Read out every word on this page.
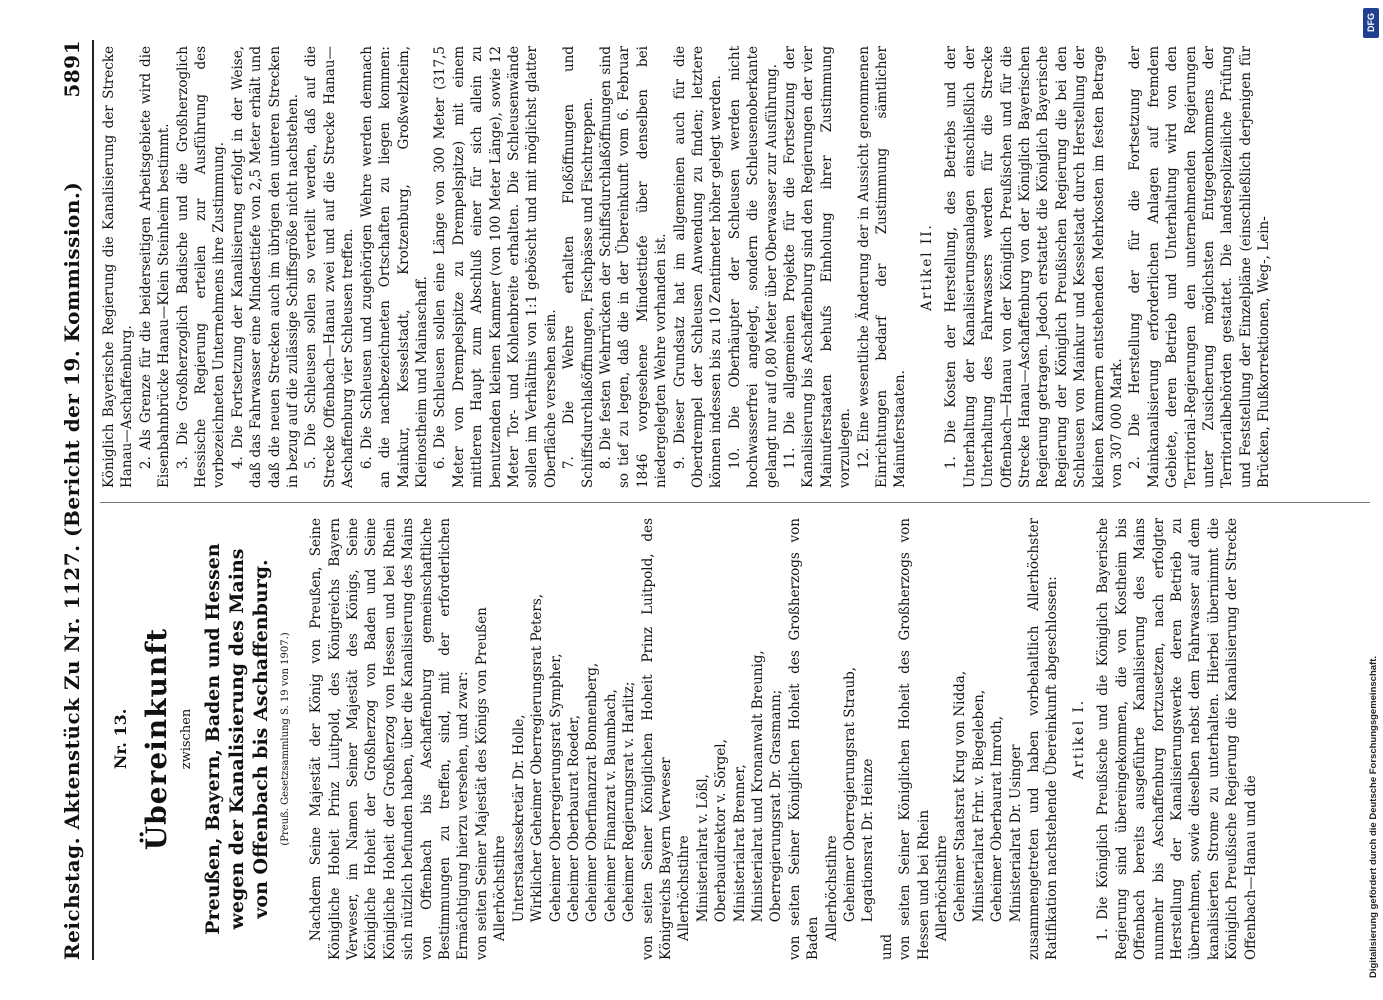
Reichstag. Aktenstück Zu Nr. 1127. (Bericht der 19. Kommission.)
5891

Nr. 13. Übereinkunft zwischen Preußen, Bayern, Baden und Hessen wegen der Kanalisierung des Mains von Offenbach bis Aschaffenburg. (Preuß. Gesetzsammlung S. 19 von 1907.)	Nachdem Seine Majestät der König von Preußen, Seine Königliche Hoheit Prinz Luitpold, des Königreichs Bayern Verweser, im Namen Seiner Majestät des Königs, Seine Königliche Hoheit der Großherzog von Baden und Seine Königliche Hoheit der Großherzog von Hessen und bei Rhein sich nützlich befunden haben, über die Kanalisierung des Mains von Offenbach bis Aschaffenburg gemeinschaftliche Bestimmungen zu treffen, sind, mit der erforderlichen Ermächtigung hierzu versehen, und zwar: von seiten Seiner Majestät des Königs von Preußen Allerhöchstihre Unterstaatssekretär Dr. Holle, Wirklicher Geheimer Oberregierungsrat Peters, Geheimer Oberregierungsrat Sympher, Geheimer Oberbaurat Roeder, Geheimer Oberfinanzrat Bonnenberg, Geheimer Finanzrat v. Baumbach, Geheimer Regierungsrat v. Harlitz; von seiten Seiner Königlichen Hoheit Prinz Luitpold, des Königreichs Bayern Verweser Allerhöchstihre Ministerialrat v. Lößl, Oberbaudirektor v. Sörgel, Ministerialrat Brenner, Ministerialrat und Kronanwalt Breunig, Oberregierungsrat Dr. Grasmann; von seiten Seiner Königlichen Hoheit des Großherzogs von Baden Allerhöchstihre Geheimer Oberregierungsrat Straub, Legationsrat Dr. Heinze

und von seiten Seiner Königlichen Hoheit des Großherzogs von Hessen und bei Rhein Allerhöchstihre Geheimer Staatsrat Krug von Nidda, Ministerialrat Frhr. v. Biegeleben, Geheimer Oberbaurat Imroth, Ministerialrat Dr. Usinger zusammengetreten und haben vorbehaltlich Allerhöchster Ratifikation nachstehende Übereinkunft abgeschlossen: Artikel I. 1. Die Königlich Preußische und die Königlich Bayerische Regierung sind übereingekommen, die von Kostheim bis Offenbach bereits ausgeführte Kanalisierung des Mains nunmehr bis Aschaffenburg fortzusetzen, nach erfolgter Herstellung der Kanalisierungswerke deren Betrieb zu übernehmen, sowie dieselben nebst dem Fahrwasser auf dem kanalisierten Strome zu unterhalten. Hierbei übernimmt die Königlich Preußische Regierung die Kanalisierung der Strecke Offenbach—Hanau und die

Königlich Bayerische Regierung die Kanalisierung der Strecke Hanau—Aschaffenburg. 2. Als Grenze für die beiderseitigen Arbeitsgebiete wird die Eisenbahnbrücke Hanau—Klein Steinheim bestimmt. 3. Die Großherzoglich Badische und die Großherzoglich Hessische Regierung erteilen zur Ausführung des vorbezeichneten Unternehmens ihre Zustimmung. 4. Die Fortsetzung der Kanalisierung erfolgt in der Weise, daß das Fahrwasser eine Mindesttiefe von 2,5 Meter erhält und daß die neuen Strecken auch im übrigen den unteren Strecken in bezug auf die zulässige Schiffsgröße nicht nachstehen. 5. Die Schleusen sollen so verteilt werden, daß auf die Strecke Offenbach—Hanau zwei und auf die Strecke Hanau—Aschaffenburg vier Schleusen treffen. 6. Die Schleusen und zugehörigen Wehre werden demnach an die nachbezeichneten Ortschaften zu liegen kommen: Mainkur, Kesselstadt, Krotzenburg, Großwelzheim, Kleinostheim und Mainaschaff. 6. Die Schleusen sollen eine Länge von 300 Meter (317,5 Meter von Drempelspitze zu Drempelspitze) mit einem mittleren Haupt zum Abschluß einer für sich allein zu benutzenden kleinen Kammer (von 100 Meter Länge), sowie 12 Meter Tor- und Kohlenbreite erhalten. Die Schleusenwände sollen im Verhältnis von 1:1 geböscht und mit möglichst glatter Oberfläche versehen sein. 7. Die Wehre erhalten Floßöffnungen und Schiffsdurchlaßöffnungen, Fischpässe und Fischtreppen. 8. Die festen Wehrrücken der Schiffsdurchlaßöffnungen sind so tief zu legen, daß die in der Übereinkunft vom 6. Februar 1846 vorgesehene Mindesttiefe über denselben bei niedergelegten Wehre vorhanden ist. 9. Dieser Grundsatz hat im allgemeinen auch für die Oberdrempel der Schleusen Anwendung zu finden; letztere können indessen bis zu 10 Zentimeter höher gelegt werden. 10. Die Oberhäupter der Schleusen werden nicht hochwasserfrei angelegt, sondern die Schleusenoberkante gelangt nur auf 0,80 Meter über Oberwasser zur Ausführung. 11. Die allgemeinen Projekte für die Fortsetzung der Kanalisierung bis Aschaffenburg sind den Regierungen der vier Mainuferstaaten behufs Einholung ihrer Zustimmung vorzulegen. 12. Eine wesentliche Änderung der in Aussicht genommenen Einrichtungen bedarf der Zustimmung sämtlicher Mainuferstaaten.

Artikel II. 1. Die Kosten der Herstellung, des Betriebs und der Unterhaltung der Kanalisierungsanlagen einschließlich der Unterhaltung des Fahrwassers werden für die Strecke Offenbach—Hanau von der Königlich Preußischen und für die Strecke Hanau—Aschaffenburg von der Königlich Bayerischen Regierung getragen. Jedoch erstattet die Königlich Bayerische Regierung der Königlich Preußischen Regierung die bei den Schleusen von Mainkur und Kesselstadt durch Herstellung der kleinen Kammern entstehenden Mehrkosten im festen Betrage von 307 000 Mark. 2. Die Herstellung der für die Fortsetzung der Mainkanalisierung erforderlichen Anlagen auf fremdem Gebiete, deren Betrieb und Unterhaltung wird von den Territorial-Regierungen den unternehmenden Regierungen unter Zusicherung möglichsten Entgegenkommens der Territorialbehörden gestattet. Die landespolizeiliche Prüfung und Feststellung der Einzelpläne (einschließlich derjenigen für Brücken, Flußkorrektionen, Weg-, Lein-

DFG
Digitalisierung gefördert durch die Deutsche Forschungsgemeinschaft.
